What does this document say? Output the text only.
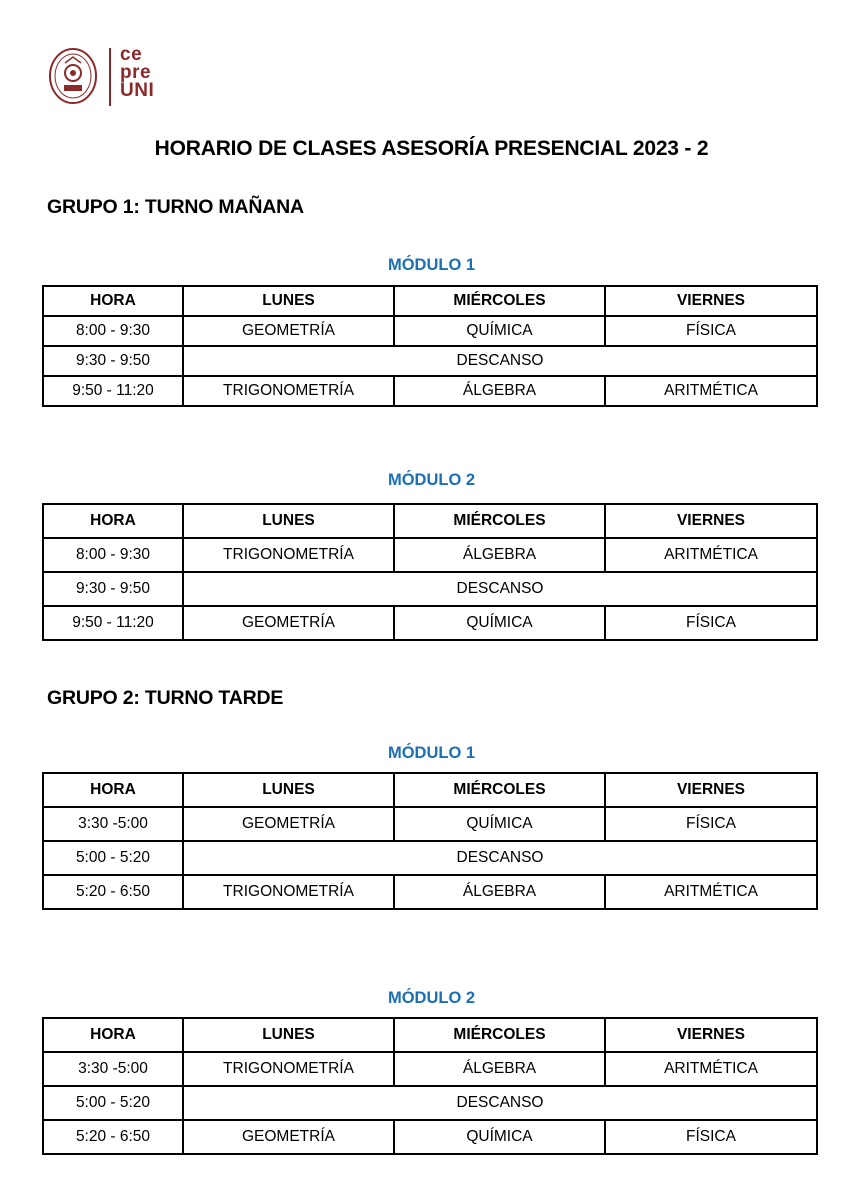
ce
pre
UNI
HORARIO DE CLASES ASESORÍA PRESENCIAL 2023 - 2
GRUPO 1: TURNO MAÑANA
MÓDULO 1
HORA	LUNES	MIÉRCOLES	VIERNES
8:00 - 9:30	GEOMETRÍA	QUÍMICA	FÍSICA
9:30 - 9:50	DESCANSO		
9:50 - 11:20	TRIGONOMETRÍA	ÁLGEBRA	ARITMÉTICA
MÓDULO 2
HORA	LUNES	MIÉRCOLES	VIERNES
8:00 - 9:30	TRIGONOMETRÍA	ÁLGEBRA	ARITMÉTICA
9:30 - 9:50	DESCANSO		
9:50 - 11:20	GEOMETRÍA	QUÍMICA	FÍSICA
GRUPO 2: TURNO TARDE
MÓDULO 1
HORA	LUNES	MIÉRCOLES	VIERNES
3:30 -5:00	GEOMETRÍA	QUÍMICA	FÍSICA
5:00 - 5:20	DESCANSO		
5:20 - 6:50	TRIGONOMETRÍA	ÁLGEBRA	ARITMÉTICA
MÓDULO 2
HORA	LUNES	MIÉRCOLES	VIERNES
3:30 -5:00	TRIGONOMETRÍA	ÁLGEBRA	ARITMÉTICA
5:00 - 5:20	DESCANSO		
5:20 - 6:50	GEOMETRÍA	QUÍMICA	FÍSICA
